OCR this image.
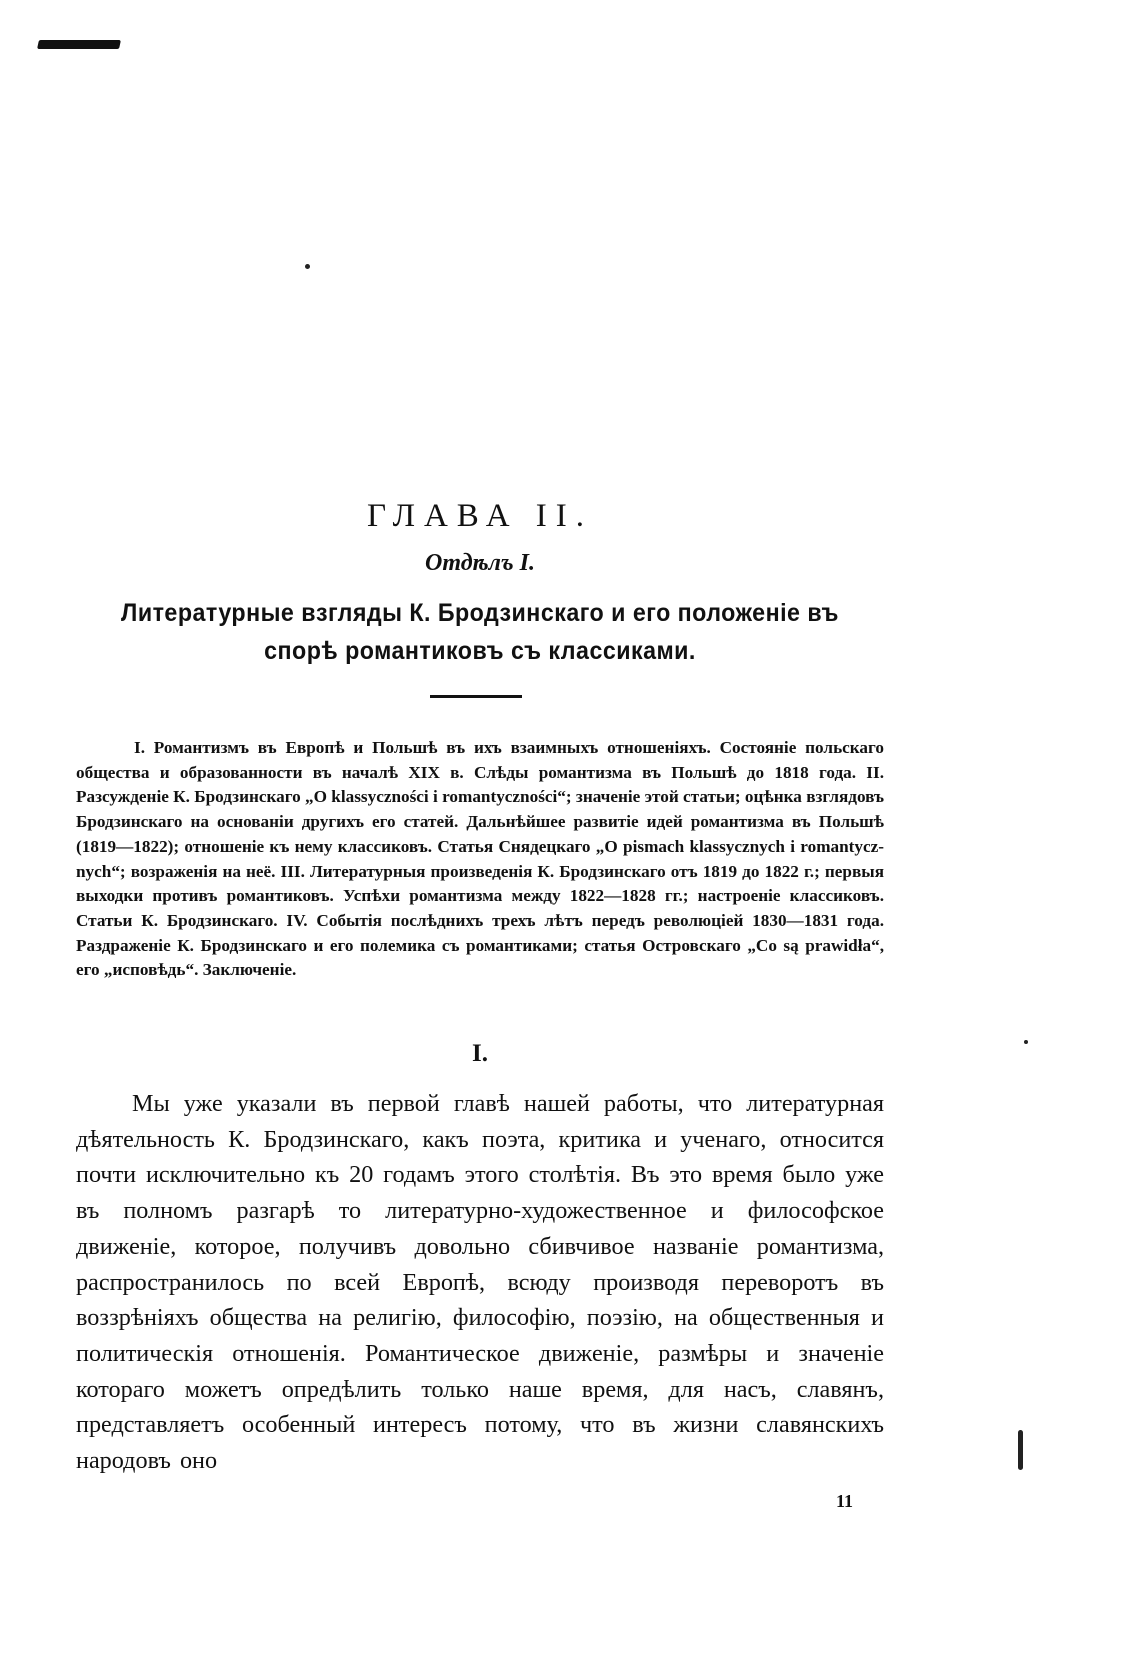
ГЛАВА II.
Отдѣлъ I.
Литературные взгляды К. Бродзинскаго и его положеніе въ спорѣ романтиковъ съ классиками.
I. Романтизмъ въ Европѣ и Польшѣ въ ихъ взаимныхъ отношеніяхъ. Состояніе польскаго общества и образованности въ началѣ XIX в. Слѣды романтизма въ Польшѣ до 1818 года. II. Разсужденіе К. Бродзинскаго „O klassyczności i romantyczności“; значеніе этой статьи; оцѣнка взглядовъ Бродзинскаго на основаніи другихъ его статей. Дальнѣйшее развитіе идей романтизма въ Польшѣ (1819—1822); отношеніе къ нему классиковъ. Статья Снядецкаго „O pismach klassycznych i romantycznych“; возраженія на неё. III. Литературныя произведенія К. Бродзинскаго отъ 1819 до 1822 г.; первыя выходки противъ романтиковъ. Успѣхи романтизма между 1822—1828 гг.; настроеніе классиковъ. Статьи К. Бродзинскаго. IV. Событія послѣднихъ трехъ лѣтъ передъ революціей 1830—1831 года. Раздраженіе К. Бродзинскаго и его полемика съ романтиками; статья Островскаго „Co są prawidła“, его „исповѣдь“. Заключеніе.
I.
Мы уже указали въ первой главѣ нашей работы, что литературная дѣятельность К. Бродзинскаго, какъ поэта, критика и ученаго, относится почти исключительно къ 20 годамъ этого столѣтія. Въ это время было уже въ полномъ разгарѣ то литературно-художественное и философское движеніе, которое, получивъ довольно сбивчивое названіе романтизма, распространилось по всей Европѣ, всюду производя переворотъ въ воззрѣніяхъ общества на религію, философію, поэзію, на общественныя и политическія отношенія. Романтическое движеніе, размѣры и значеніе котораго можетъ опредѣлить только наше время, для насъ, славянъ, представляетъ особенный интересъ потому, что въ жизни славянскихъ народовъ оно
11
